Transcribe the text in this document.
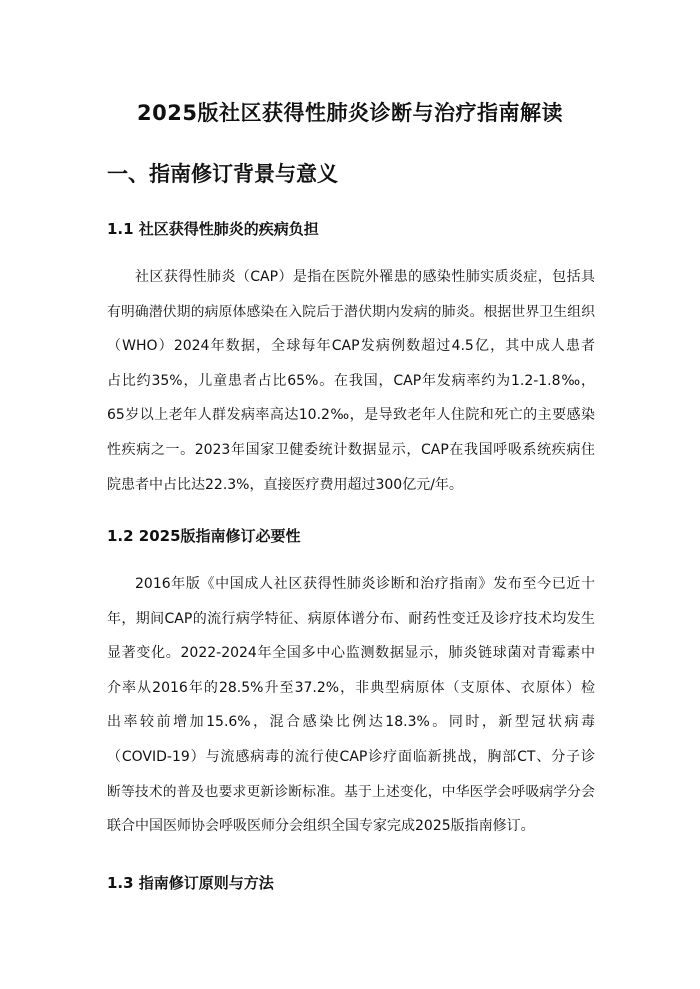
2025版社区获得性肺炎诊断与治疗指南解读
一、指南修订背景与意义
1.1 社区获得性肺炎的疾病负担
社区获得性肺炎（CAP）是指在医院外罹患的感染性肺实质炎症，包括具
有明确潜伏期的病原体感染在入院后于潜伏期内发病的肺炎。根据世界卫生组织
（WHO）2024年数据，全球每年CAP发病例数超过4.5亿，其中成人患者
占比约35%，儿童患者占比65%。在我国，CAP年发病率约为1.2-1.8‰，
65岁以上老年人群发病率高达10.2‰，是导致老年人住院和死亡的主要感染
性疾病之一。2023年国家卫健委统计数据显示，CAP在我国呼吸系统疾病住
院患者中占比达22.3%，直接医疗费用超过300亿元/年。
1.2 2025版指南修订必要性
2016年版《中国成人社区获得性肺炎诊断和治疗指南》发布至今已近十
年，期间CAP的流行病学特征、病原体谱分布、耐药性变迁及诊疗技术均发生
显著变化。2022-2024年全国多中心监测数据显示，肺炎链球菌对青霉素中
介率从2016年的28.5%升至37.2%，非典型病原体（支原体、衣原体）检
出率较前增加15.6%，混合感染比例达18.3%。同时，新型冠状病毒
（COVID-19）与流感病毒的流行使CAP诊疗面临新挑战，胸部CT、分子诊
断等技术的普及也要求更新诊断标准。基于上述变化，中华医学会呼吸病学分会
联合中国医师协会呼吸医师分会组织全国专家完成2025版指南修订。
1.3 指南修订原则与方法
